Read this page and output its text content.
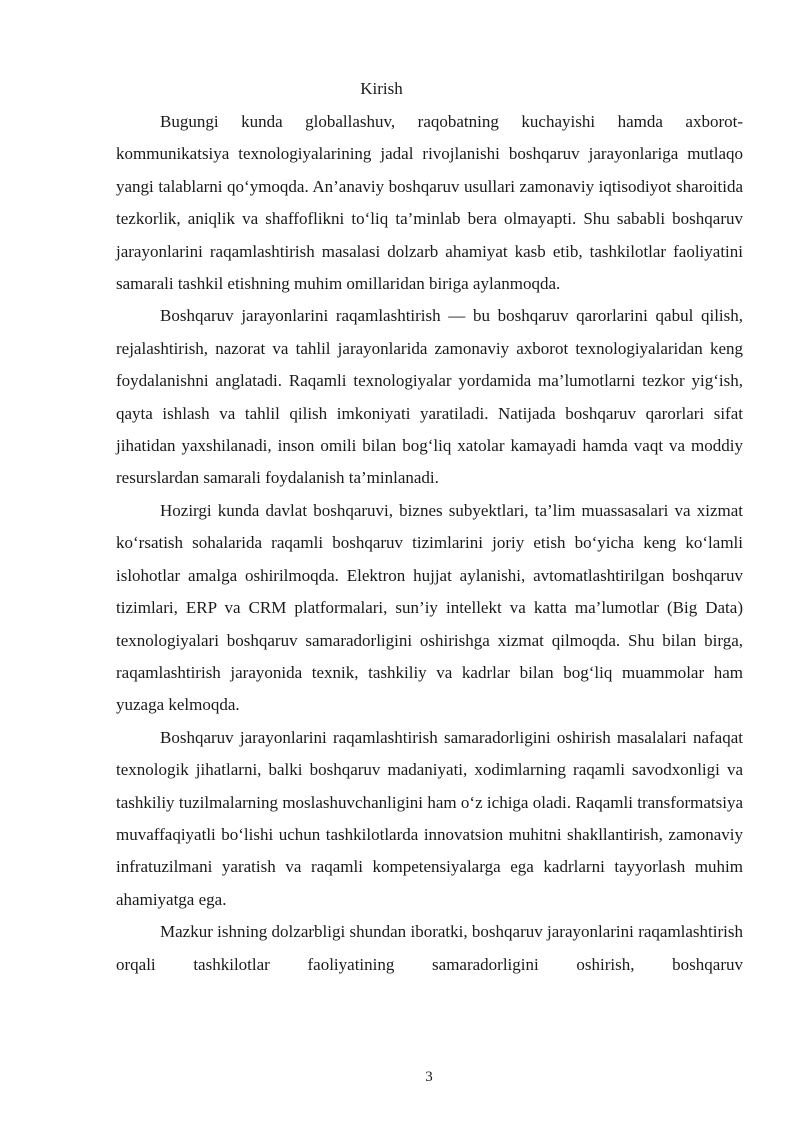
Kirish

Bugungi kunda globallashuv, raqobatning kuchayishi hamda axborot-kommunikatsiya texnologiyalarining jadal rivojlanishi boshqaruv jarayonlariga mutlaqo yangi talablarni qo‘ymoqda. An’anaviy boshqaruv usullari zamonaviy iqtisodiyot sharoitida tezkorlik, aniqlik va shaffoflikni to‘liq ta’minlab bera olmayapti. Shu sababli boshqaruv jarayonlarini raqamlashtirish masalasi dolzarb ahamiyat kasb etib, tashkilotlar faoliyatini samarali tashkil etishning muhim omillaridan biriga aylanmoqda.

Boshqaruv jarayonlarini raqamlashtirish — bu boshqaruv qarorlarini qabul qilish, rejalashtirish, nazorat va tahlil jarayonlarida zamonaviy axborot texnologiyalaridan keng foydalanishni anglatadi. Raqamli texnologiyalar yordamida ma’lumotlarni tezkor yig‘ish, qayta ishlash va tahlil qilish imkoniyati yaratiladi. Natijada boshqaruv qarorlari sifat jihatidan yaxshilanadi, inson omili bilan bog‘liq xatolar kamayadi hamda vaqt va moddiy resurslardan samarali foydalanish ta’minlanadi.

Hozirgi kunda davlat boshqaruvi, biznes subyektlari, ta’lim muassasalari va xizmat ko‘rsatish sohalarida raqamli boshqaruv tizimlarini joriy etish bo‘yicha keng ko‘lamli islohotlar amalga oshirilmoqda. Elektron hujjat aylanishi, avtomatlashtirilgan boshqaruv tizimlari, ERP va CRM platformalari, sun’iy intellekt va katta ma’lumotlar (Big Data) texnologiyalari boshqaruv samaradorligini oshirishga xizmat qilmoqda. Shu bilan birga, raqamlashtirish jarayonida texnik, tashkiliy va kadrlar bilan bog‘liq muammolar ham yuzaga kelmoqda.

Boshqaruv jarayonlarini raqamlashtirish samaradorligini oshirish masalalari nafaqat texnologik jihatlarni, balki boshqaruv madaniyati, xodimlarning raqamli savodxonligi va tashkiliy tuzilmalarning moslashuvchanligini ham o‘z ichiga oladi. Raqamli transformatsiya muvaffaqiyatli bo‘lishi uchun tashkilotlarda innovatsion muhitni shakllantirish, zamonaviy infratuzilmani yaratish va raqamli kompetensiyalarga ega kadrlarni tayyorlash muhim ahamiyatga ega.

Mazkur ishning dolzarbligi shundan iboratki, boshqaruv jarayonlarini raqamlashtirish orqali tashkilotlar faoliyatining samaradorligini oshirish, boshqaruv

3
